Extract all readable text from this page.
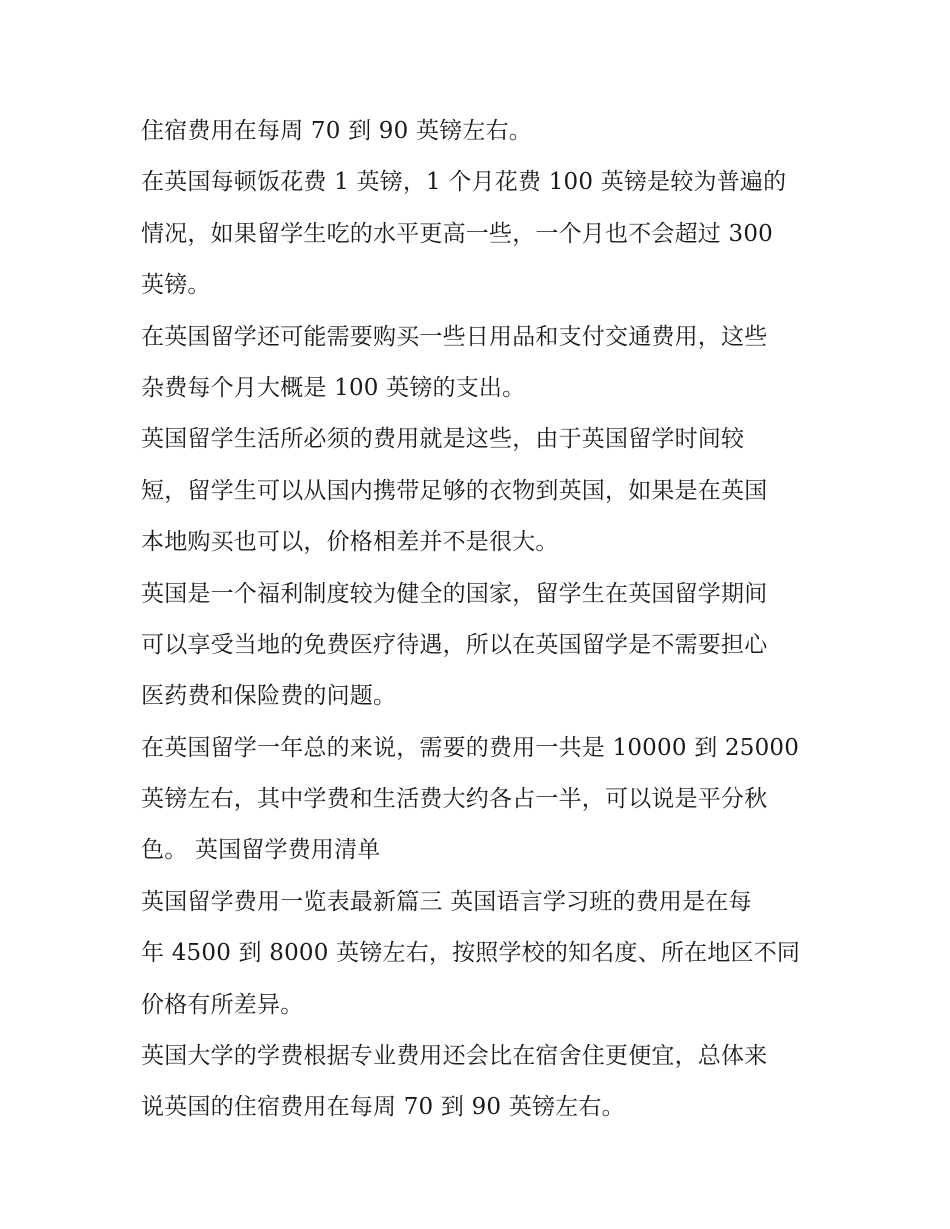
住宿费用在每周 70 到 90 英镑左右。
在英国每顿饭花费 1 英镑，1 个月花费 100 英镑是较为普遍的
情况，如果留学生吃的水平更高一些，一个月也不会超过 300
英镑。
在英国留学还可能需要购买一些日用品和支付交通费用，这些
杂费每个月大概是 100 英镑的支出。
英国留学生活所必须的费用就是这些，由于英国留学时间较
短，留学生可以从国内携带足够的衣物到英国，如果是在英国
本地购买也可以，价格相差并不是很大。
英国是一个福利制度较为健全的国家，留学生在英国留学期间
可以享受当地的免费医疗待遇，所以在英国留学是不需要担心
医药费和保险费的问题。
在英国留学一年总的来说，需要的费用一共是 10000 到 25000
英镑左右，其中学费和生活费大约各占一半，可以说是平分秋
色。 英国留学费用清单
英国留学费用一览表最新篇三 英国语言学习班的费用是在每
年 4500 到 8000 英镑左右，按照学校的知名度、所在地区不同
价格有所差异。
英国大学的学费根据专业费用还会比在宿舍住更便宜，总体来
说英国的住宿费用在每周 70 到 90 英镑左右。
